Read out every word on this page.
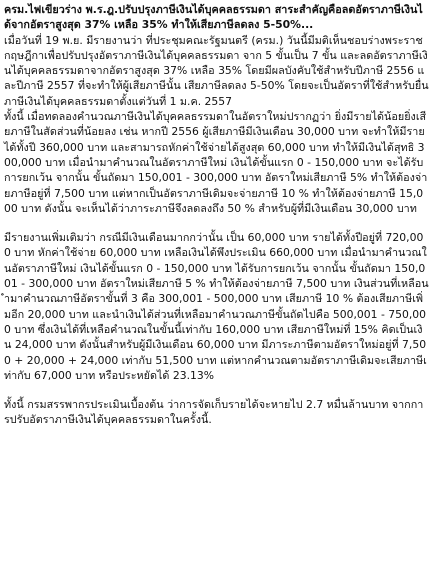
ครม.ไฟเขียวร่าง พ.ร.ฎ.ปรับปรุงภาษีเงินได้บุคคลธรรมดา สาระสำคัญคือลดอัตราภาษีเงินได้จากอัตราสูงสุด 37% เหลือ 35% ทำให้เสียภาษีลดลง 5-50%...

เมื่อวันที่ 19 พ.ย. มีรายงานว่า ที่ประชุมคณะรัฐมนตรี (ครม.) วันนี้มีมติเห็นชอบร่างพระราชกฤษฎีกาเพื่อปรับปรุงอัตราภาษีเงินได้บุคคลธรรมดา จาก 5 ขั้นเป็น 7 ขั้น และลดอัตราภาษีเงินได้บุคคลธรรมดาจากอัตราสูงสุด 37% เหลือ 35% โดยมีผลบังคับใช้สำหรับปีภาษี 2556 และปีภาษี 2557 ที่จะทำให้ผู้เสียภาษีนั้น เสียภาษีลดลง 5-50% โดยจะเป็นอัตราที่ใช้สำหรับยื่นภาษีเงินได้บุคคลธรรมดาตั้งแต่วันที่ 1 ม.ค. 2557

ทั้งนี้ เมื่อทดลองคำนวณภาษีเงินได้บุคคลธรรมดาในอัตราใหม่ปรากฏว่า ยิ่งมีรายได้น้อยยิ่งเสียภาษีในสัดส่วนที่น้อยลง เช่น หากปี 2556 ผู้เสียภาษีมีเงินเดือน 30,000 บาท จะทำให้มีรายได้ทั้งปี 360,000 บาท และสามารถหักค่าใช้จ่ายได้สูงสุด 60,000 บาท ทำให้มีเงินได้สุทธิ 300,000 บาท เมื่อนำมาคำนวณในอัตราภาษีใหม่ เงินได้ขั้นแรก 0 - 150,000 บาท จะได้รับการยกเว้น จากนั้น ขั้นถัดมา 150,001 - 300,000 บาท อัตราใหม่เสียภาษี 5% ทำให้ต้องจ่ายภาษีอยู่ที่ 7,500 บาท แต่หากเป็นอัตราภาษีเดิมจะจ่ายภาษี 10 % ทำให้ต้องจ่ายภาษี 15,000 บาท ดังนั้น จะเห็นได้ว่าภาระภาษีจึงลดลงถึง 50 % สำหรับผู้ที่มีเงินเดือน 30,000 บาท

มีรายงานเพิ่มเติมว่า กรณีมีเงินเดือนมากกว่านั้น เป็น 60,000 บาท รายได้ทั้งปีอยู่ที่ 720,000 บาท หักค่าใช้จ่าย 60,000 บาท เหลือเงินได้พึงประเมิน 660,000 บาท เมื่อนำมาคำนวณในอัตราภาษีใหม่ เงินได้ขั้นแรก 0 - 150,000 บาท ได้รับการยกเว้น จากนั้น ขั้นถัดมา 150,001 - 300,000 บาท อัตราใหม่เสียภาษี 5 % ทำให้ต้องจ่ายภาษี 7,500 บาท เงินส่วนที่เหลือนำมาคำนวณภาษีอัตราขั้นที่ 3 คือ 300,001 - 500,000 บาท เสียภาษี 10 % ต้องเสียภาษีเพิ่มอีก 20,000 บาท และนำเงินได้ส่วนที่เหลือมาคำนวณภาษีขั้นถัดไปคือ 500,001 - 750,000 บาท ซึ่งเงินได้ที่เหลือคำนวณในขั้นนี้เท่ากับ 160,000 บาท เสียภาษีใหม่ที่ 15% คิดเป็นเงิน 24,000 บาท ดังนั้นสำหรับผู้มีเงินเดือน 60,000 บาท มีภาระภาษีตามอัตราใหม่อยู่ที่ 7,500 + 20,000 + 24,000 เท่ากับ 51,500 บาท แต่หากคำนวณตามอัตราภาษีเดิมจะเสียภาษีเท่ากับ 67,000 บาท หรือประหยัดได้ 23.13%

ทั้งนี้ กรมสรรพากรประเมินเบื้องต้น ว่าการจัดเก็บรายได้จะหายไป 2.7 หมื่นล้านบาท จากการปรับอัตราภาษีเงินได้บุคคลธรรมดาในครั้งนี้.
